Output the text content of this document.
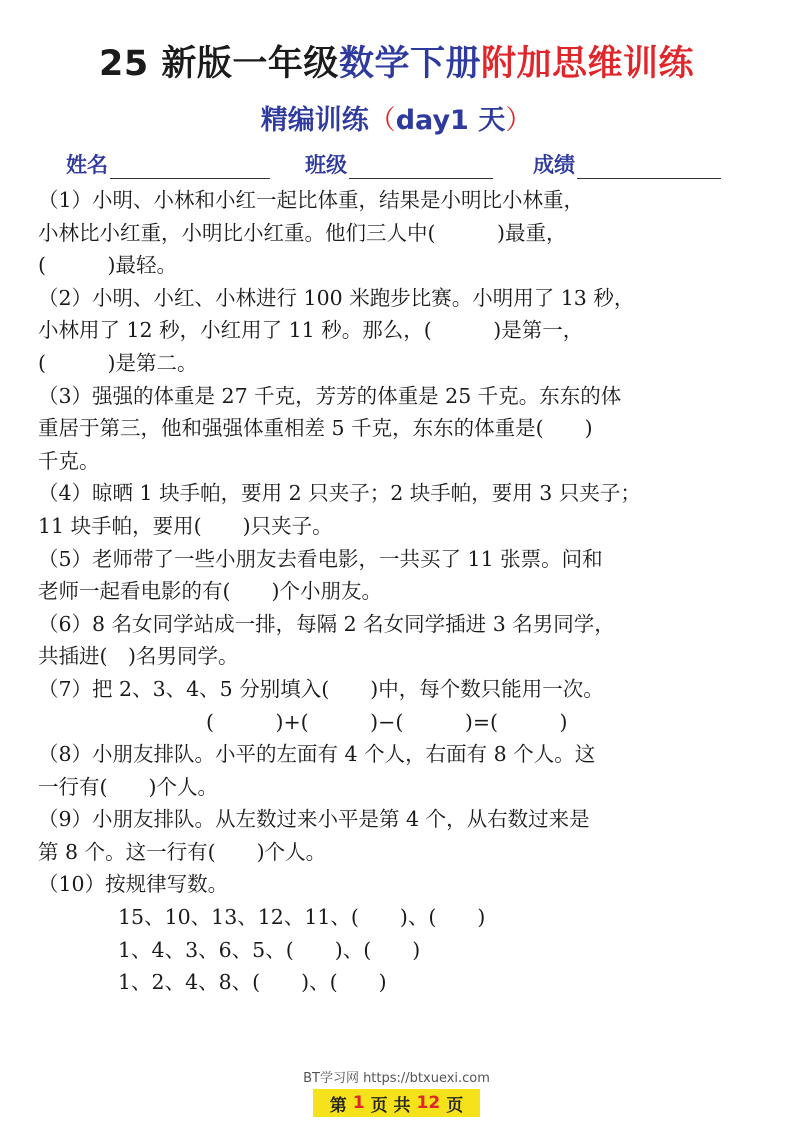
25 新版一年级数学下册附加思维训练
精编训练（day1 天）
姓名	班级	成绩

（1）小明、小林和小红一起比体重，结果是小明比小林重，

小林比小红重，小明比小红重。他们三人中(　　　)最重，

(　　　)最轻。

（2）小明、小红、小林进行 100 米跑步比赛。小明用了 13 秒，

小林用了 12 秒，小红用了 11 秒。那么，(　　　)是第一，

(　　　)是第二。

（3）强强的体重是 27 千克，芳芳的体重是 25 千克。东东的体

重居于第三，他和强强体重相差 5 千克，东东的体重是(　　)

千克。

（4）晾晒 1 块手帕，要用 2 只夹子；2 块手帕，要用 3 只夹子；

11 块手帕，要用(　　)只夹子。

（5）老师带了一些小朋友去看电影，一共买了 11 张票。问和

老师一起看电影的有(　　)个小朋友。

（6）8 名女同学站成一排，每隔 2 名女同学插进 3 名男同学，

共插进(　)名男同学。

（7）把 2、3、4、5 分别填入(　　)中，每个数只能用一次。

(　　　)+(　　　)−(　　　)=(　　　)

（8）小朋友排队。小平的左面有 4 个人，右面有 8 个人。这

一行有(　　)个人。

（9）小朋友排队。从左数过来小平是第 4 个，从右数过来是

第 8 个。这一行有(　　)个人。

（10）按规律写数。

15、10、13、12、11、(　　)、(　　)

1、4、3、6、5、(　　)、(　　)

1、2、4、8、(　　)、(　　)

BT学习网 https://btxuexi.com
第 1 页 共 12 页
